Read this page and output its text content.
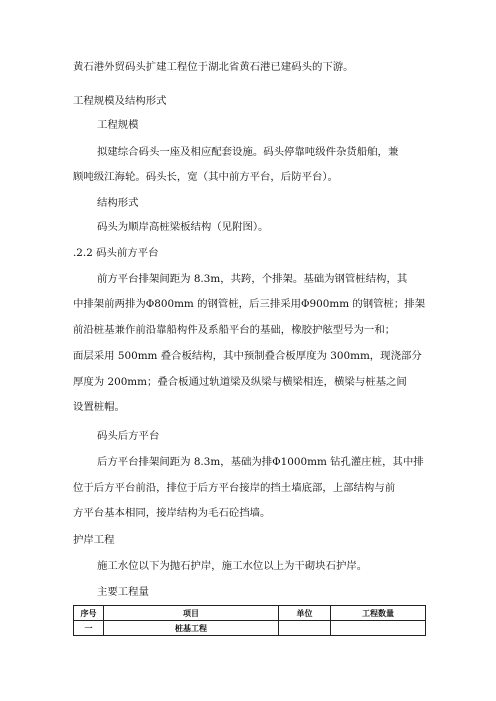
黄石港外贸码头扩建工程位于湖北省黄石港已建码头的下游。
工程规模及结构形式
工程规模
拟建综合码头一座及相应配套设施。码头停靠吨级件杂货船舶，兼
顾吨级江海轮。码头长，宽（其中前方平台，后防平台）。
结构形式
码头为顺岸高桩梁板结构（见附图）。
.2.2 码头前方平台
前方平台排架间距为 8.3m，共跨，个排架。基础为钢管桩结构，其
中排架前两排为Φ800mm 的钢管桩，后三排采用Φ900mm 的钢管桩；排架
前沿桩基兼作前沿靠船构件及系船平台的基础，橡胶护舷型号为一和；
面层采用 500mm 叠合板结构，其中预制叠合板厚度为 300mm，现浇部分
厚度为 200mm；叠合板通过轨道梁及纵梁与横梁相连，横梁与桩基之间
设置桩帽。
码头后方平台
后方平台排架间距为 8.3m，基础为排Φ1000mm 钻孔灌庄桩，其中排
位于后方平台前沿，排位于后方平台接岸的挡土墙底部，上部结构与前
方平台基本相同，接岸结构为毛石砼挡墙。
护岸工程
施工水位以下为抛石护岸，施工水位以上为干砌块石护岸。
主要工程量
序号	项目	单位	工程数量
一	桩基工程		
